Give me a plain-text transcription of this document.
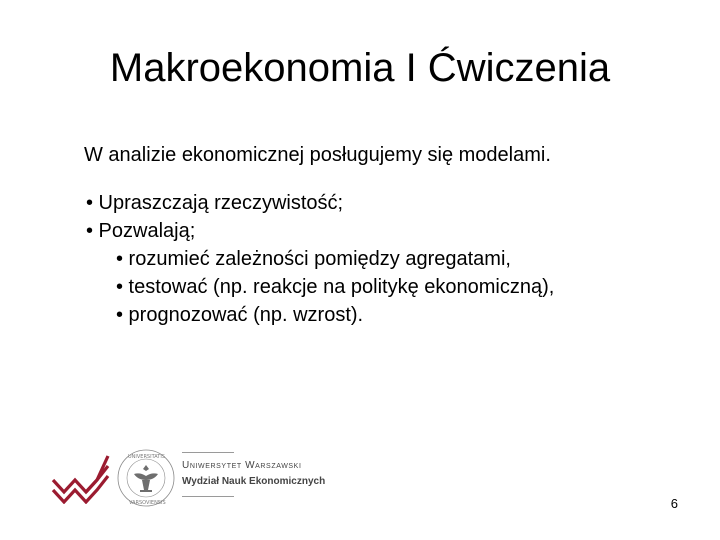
Makroekonomia I Ćwiczenia
W analizie ekonomicznej posługujemy się modelami.
• Upraszczają rzeczywistość;
• Pozwalają;
• rozumieć zależności pomiędzy agregatami,
• testować (np. reakcje na politykę ekonomiczną),
• prognozować (np. wzrost).
UNIVERSITATIS
VARSOVIENSIS
Uniwersytet Warszawski
Wydział Nauk Ekonomicznych
6
